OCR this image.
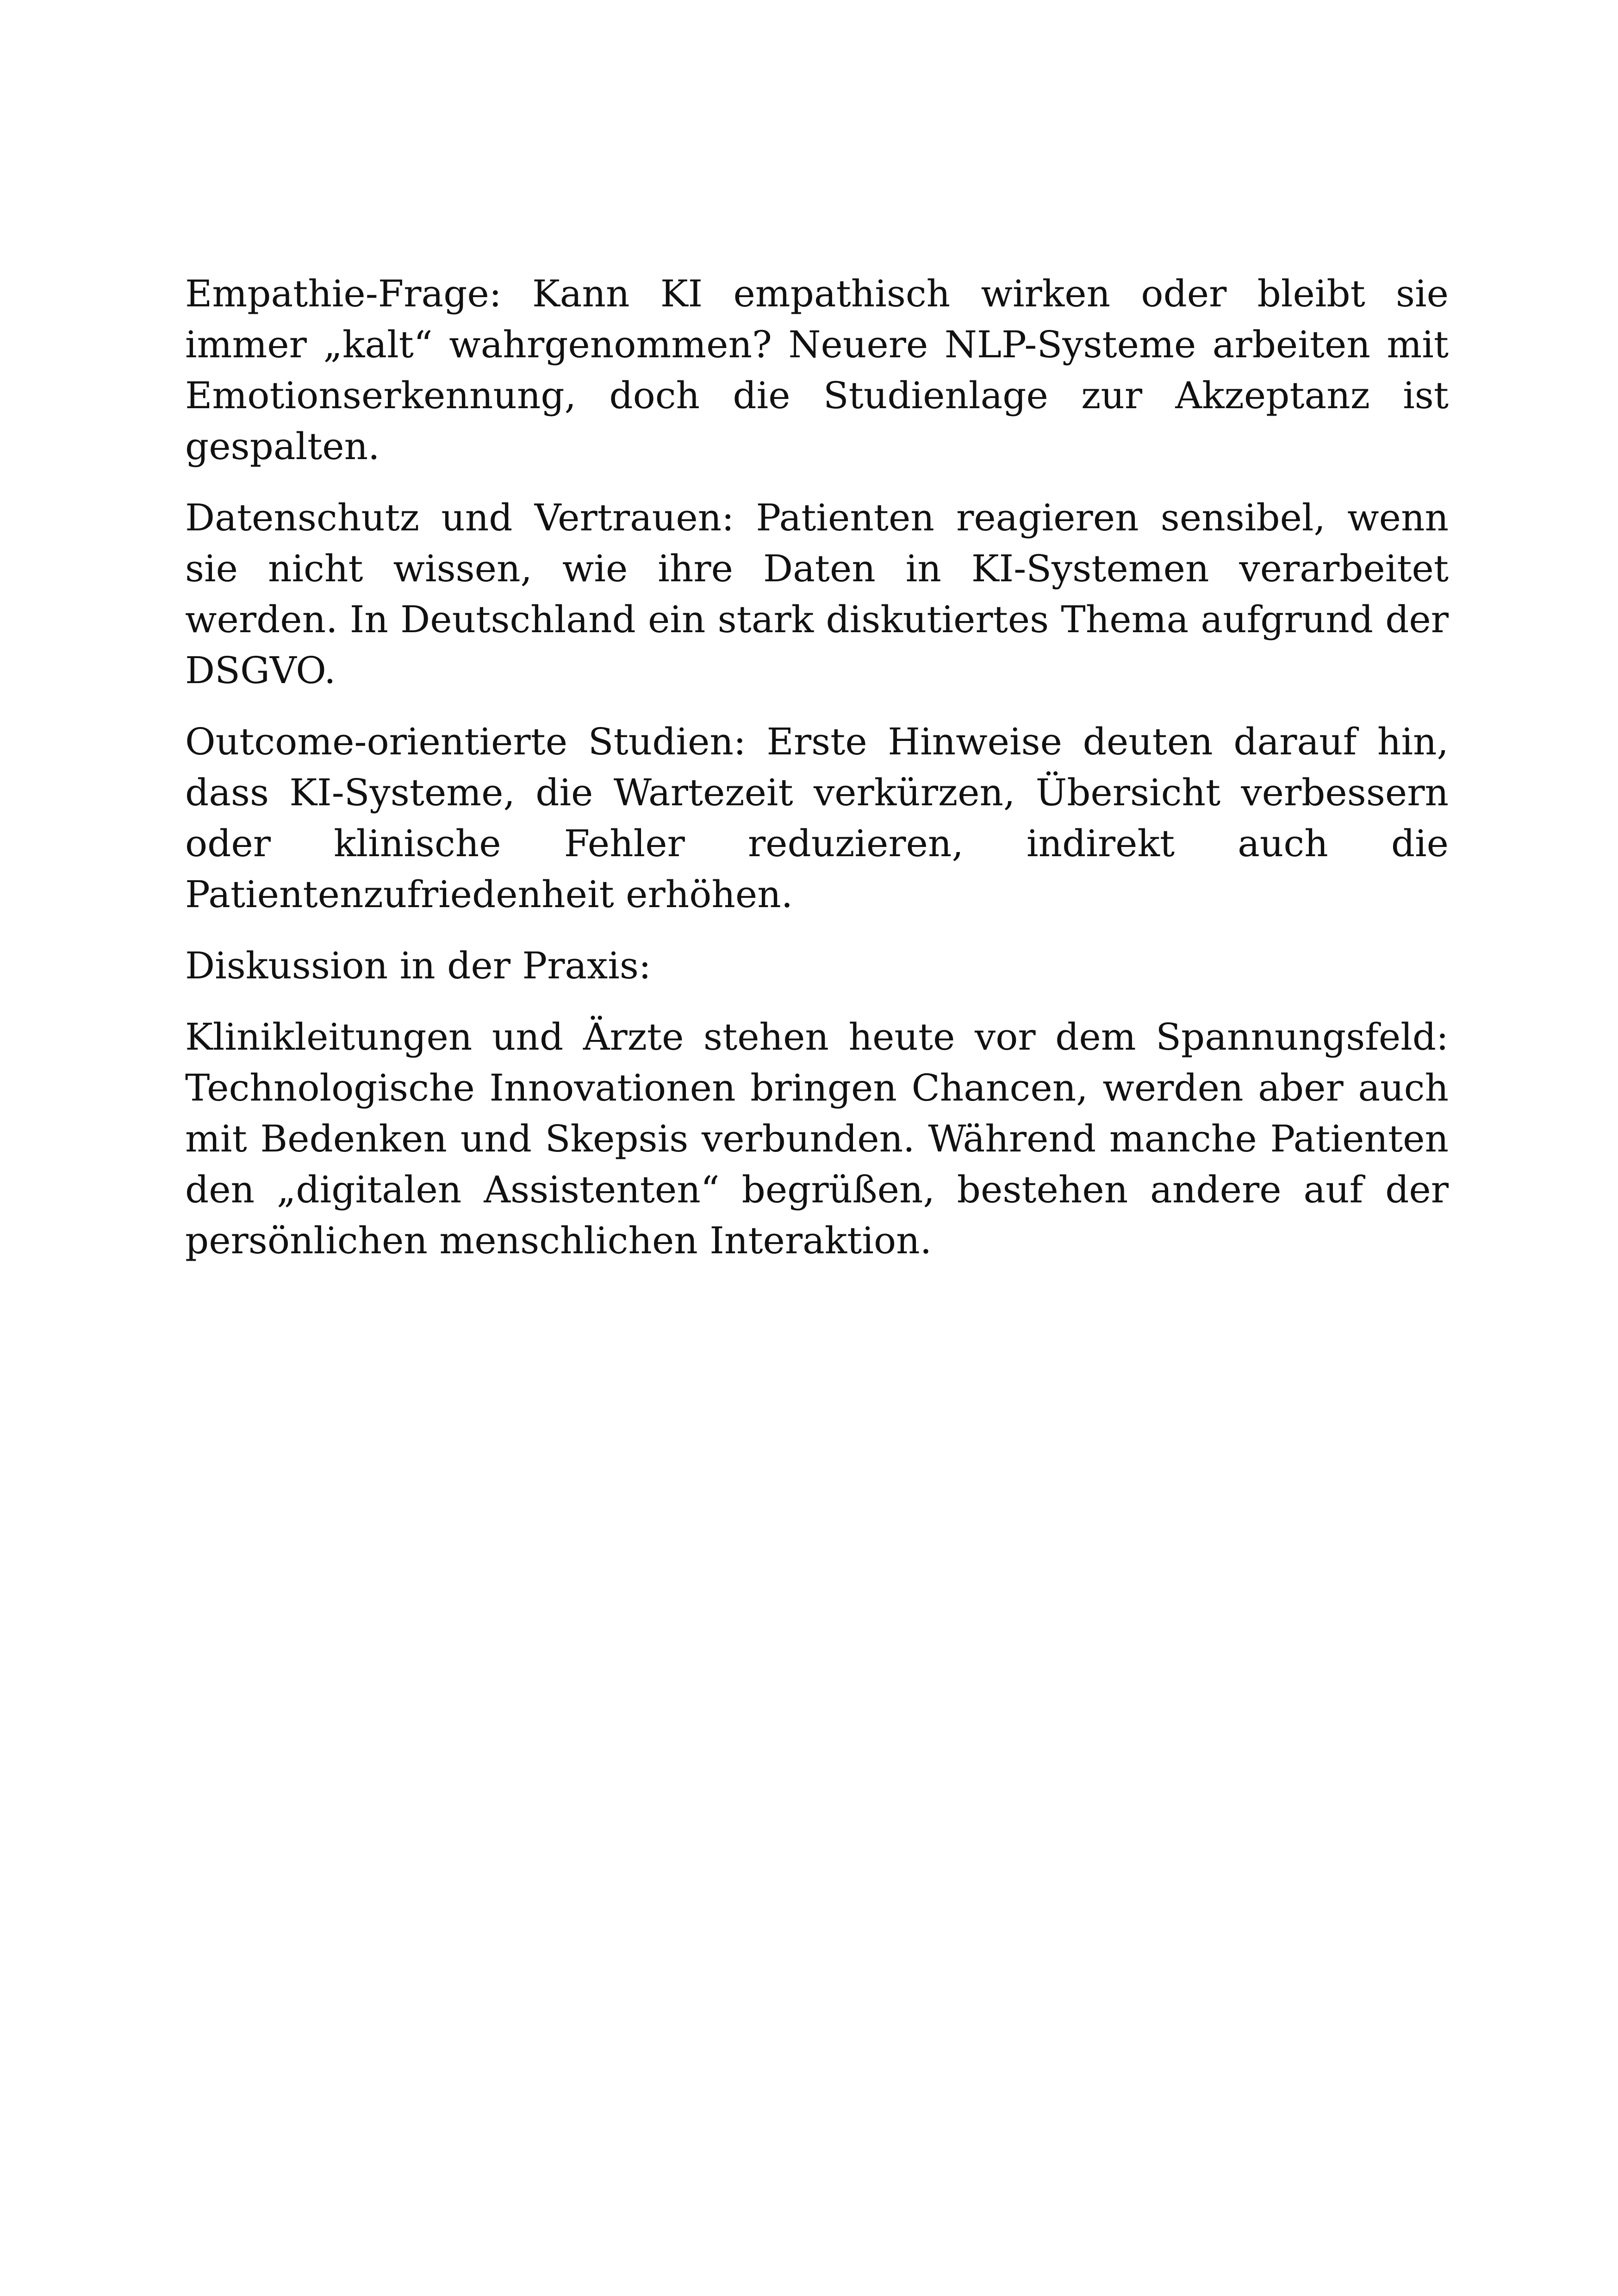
Empathie-Frage: Kann KI empathisch wirken oder bleibt sie immer „kalt“ wahrgenommen? Neuere NLP-Systeme arbeiten mit Emotionserkennung, doch die Studienlage zur Akzeptanz ist gespalten.

Datenschutz und Vertrauen: Patienten reagieren sensibel, wenn sie nicht wissen, wie ihre Daten in KI-Systemen verarbeitet werden. In Deutschland ein stark diskutiertes Thema aufgrund der DSGVO.

Outcome-orientierte Studien: Erste Hinweise deuten darauf hin, dass KI-Systeme, die Wartezeit verkürzen, Übersicht verbessern oder klinische Fehler reduzieren, indirekt auch die Patientenzufriedenheit erhöhen.

Diskussion in der Praxis:

Klinikleitungen und Ärzte stehen heute vor dem Spannungsfeld: Technologische Innovationen bringen Chancen, werden aber auch mit Bedenken und Skepsis verbunden. Während manche Patienten den „digitalen Assistenten“ begrüßen, bestehen andere auf der persönlichen menschlichen Interaktion.
